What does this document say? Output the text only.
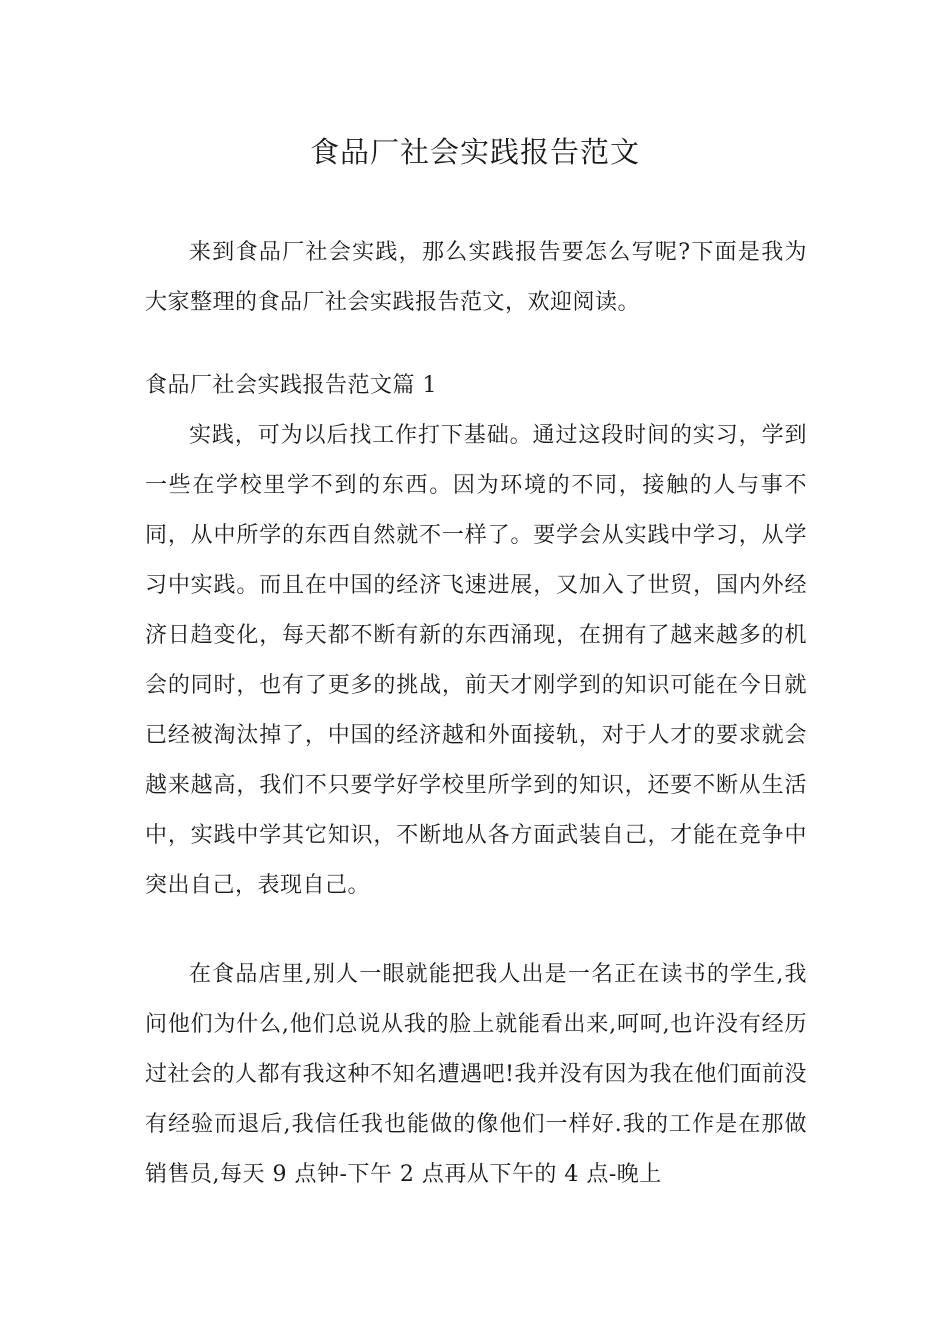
食品厂社会实践报告范文

来到食品厂社会实践，那么实践报告要怎么写呢?下面是我为大家整理的食品厂社会实践报告范文，欢迎阅读。

食品厂社会实践报告范文篇 1

实践，可为以后找工作打下基础。通过这段时间的实习，学到一些在学校里学不到的东西。因为环境的不同，接触的人与事不同，从中所学的东西自然就不一样了。要学会从实践中学习，从学习中实践。而且在中国的经济飞速进展，又加入了世贸，国内外经济日趋变化，每天都不断有新的东西涌现，在拥有了越来越多的机会的同时，也有了更多的挑战，前天才刚学到的知识可能在今日就已经被淘汰掉了，中国的经济越和外面接轨，对于人才的要求就会越来越高，我们不只要学好学校里所学到的知识，还要不断从生活中，实践中学其它知识，不断地从各方面武装自己，才能在竞争中突出自己，表现自己。

在食品店里,别人一眼就能把我人出是一名正在读书的学生,我问他们为什么,他们总说从我的脸上就能看出来,呵呵,也许没有经历过社会的人都有我这种不知名遭遇吧!我并没有因为我在他们面前没有经验而退后,我信任我也能做的像他们一样好.我的工作是在那做销售员,每天 9 点钟-下午 2 点再从下午的 4 点-晚上
